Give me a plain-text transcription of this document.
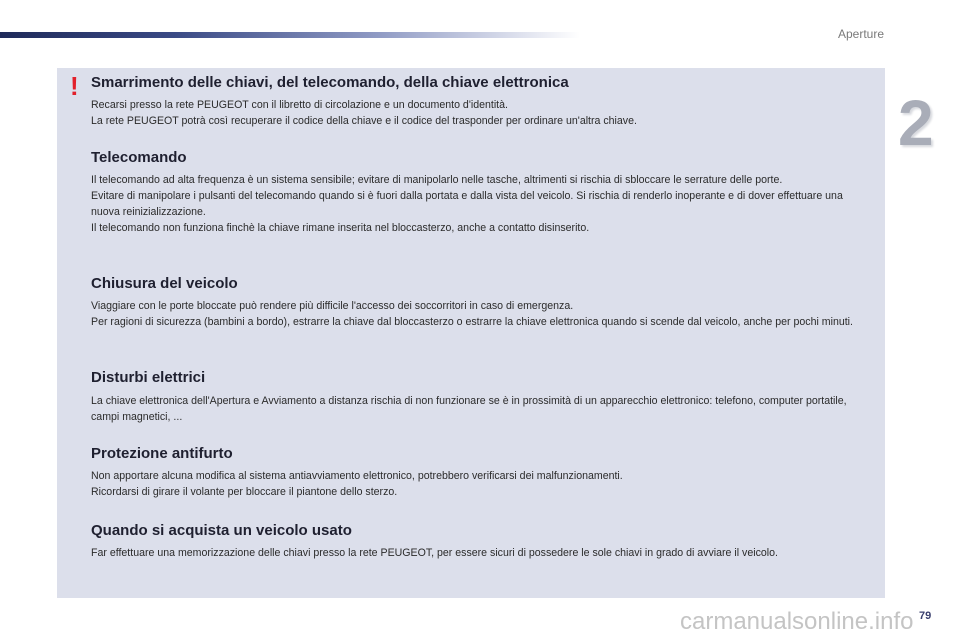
Aperture
2
! Smarrimento delle chiavi, del telecomando, della chiave elettronica

Recarsi presso la rete PEUGEOT con il libretto di circolazione e un documento d'identità.

La rete PEUGEOT potrà così recuperare il codice della chiave e il codice del trasponder per ordinare un'altra chiave.

Telecomando

Il telecomando ad alta frequenza è un sistema sensibile; evitare di manipolarlo nelle tasche, altrimenti si rischia di sbloccare le serrature delle porte.

Evitare di manipolare i pulsanti del telecomando quando si è fuori dalla portata e dalla vista del veicolo. Si rischia di renderlo inoperante e di dover effettuare una nuova reinizializzazione.

Il telecomando non funziona finchè la chiave rimane inserita nel bloccasterzo, anche a contatto disinserito.

Chiusura del veicolo

Viaggiare con le porte bloccate può rendere più difficile l'accesso dei soccorritori in caso di emergenza.

Per ragioni di sicurezza (bambini a bordo), estrarre la chiave dal bloccasterzo o estrarre la chiave elettronica quando si scende dal veicolo, anche per pochi minuti.

Disturbi elettrici

La chiave elettronica dell'Apertura e Avviamento a distanza rischia di non funzionare se è in prossimità di un apparecchio elettronico: telefono, computer portatile, campi magnetici, ...

Protezione antifurto

Non apportare alcuna modifica al sistema antiavviamento elettronico, potrebbero verificarsi dei malfunzionamenti.

Ricordarsi di girare il volante per bloccare il piantone dello sterzo.

Quando si acquista un veicolo usato

Far effettuare una memorizzazione delle chiavi presso la rete PEUGEOT, per essere sicuri di possedere le sole chiavi in grado di avviare il veicolo.

carmanualsonline.info 79
